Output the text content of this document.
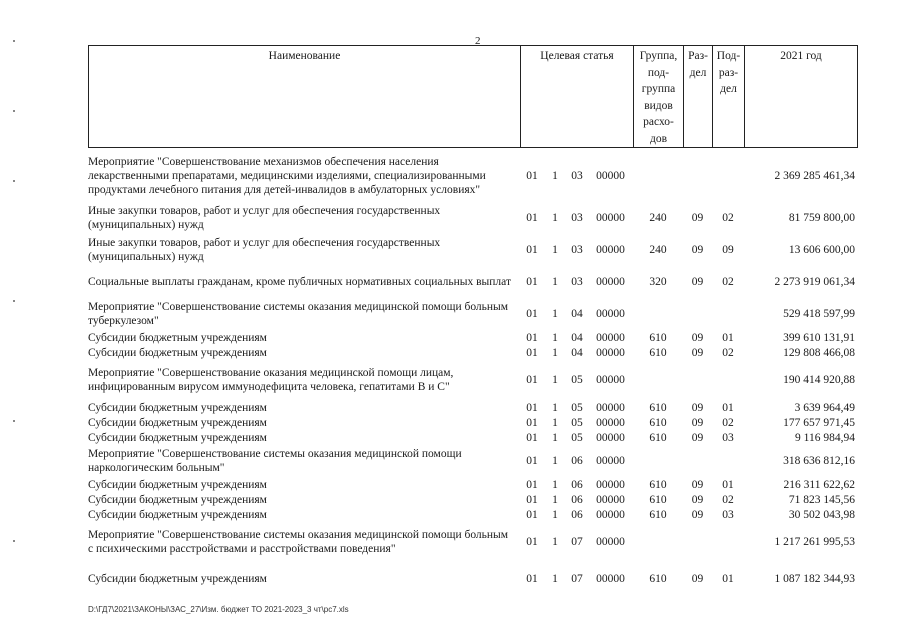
2
Наименование	Целевая статья	Группа, под-группа видов расхо-дов	Раз-дел	Под-раз-дел	2021 год
Мероприятие "Совершенствование механизмов обеспечения населения лекарственными препаратами, медицинскими изделиями, специализированными продуктами лечебного питания для детей-инвалидов в амбулаторных условиях"	01	1	03	00000				2 369 285 461,34
Иные закупки товаров, работ и услуг для обеспечения государственных (муниципальных) нужд	01	1	03	00000	240	09	02	81 759 800,00
Иные закупки товаров, работ и услуг для обеспечения государственных (муниципальных) нужд	01	1	03	00000	240	09	09	13 606 600,00
Социальные выплаты гражданам, кроме публичных нормативных социальных выплат	01	1	03	00000	320	09	02	2 273 919 061,34
Мероприятие "Совершенствование системы оказания медицинской помощи больным туберкулезом"	01	1	04	00000				529 418 597,99
Субсидии бюджетным учреждениям	01	1	04	00000	610	09	01	399 610 131,91
Субсидии бюджетным учреждениям	01	1	04	00000	610	09	02	129 808 466,08
Мероприятие "Совершенствование оказания медицинской помощи лицам, инфицированным вирусом иммунодефицита человека, гепатитами В и С"	01	1	05	00000				190 414 920,88
Субсидии бюджетным учреждениям	01	1	05	00000	610	09	01	3 639 964,49
Субсидии бюджетным учреждениям	01	1	05	00000	610	09	02	177 657 971,45
Субсидии бюджетным учреждениям	01	1	05	00000	610	09	03	9 116 984,94
Мероприятие "Совершенствование системы оказания медицинской помощи наркологическим больным"	01	1	06	00000				318 636 812,16
Субсидии бюджетным учреждениям	01	1	06	00000	610	09	01	216 311 622,62
Субсидии бюджетным учреждениям	01	1	06	00000	610	09	02	71 823 145,56
Субсидии бюджетным учреждениям	01	1	06	00000	610	09	03	30 502 043,98
Мероприятие "Совершенствование системы оказания медицинской помощи больным с психическими расстройствами и расстройствами поведения"	01	1	07	00000				1 217 261 995,53
Субсидии бюджетным учреждениям	01	1	07	00000	610	09	01	1 087 182 344,93
D:\ГД7\2021\ЗАКОНЫ\ЗАС_27\Изм. бюджет ТО 2021-2023_3 чт\рс7.xls
